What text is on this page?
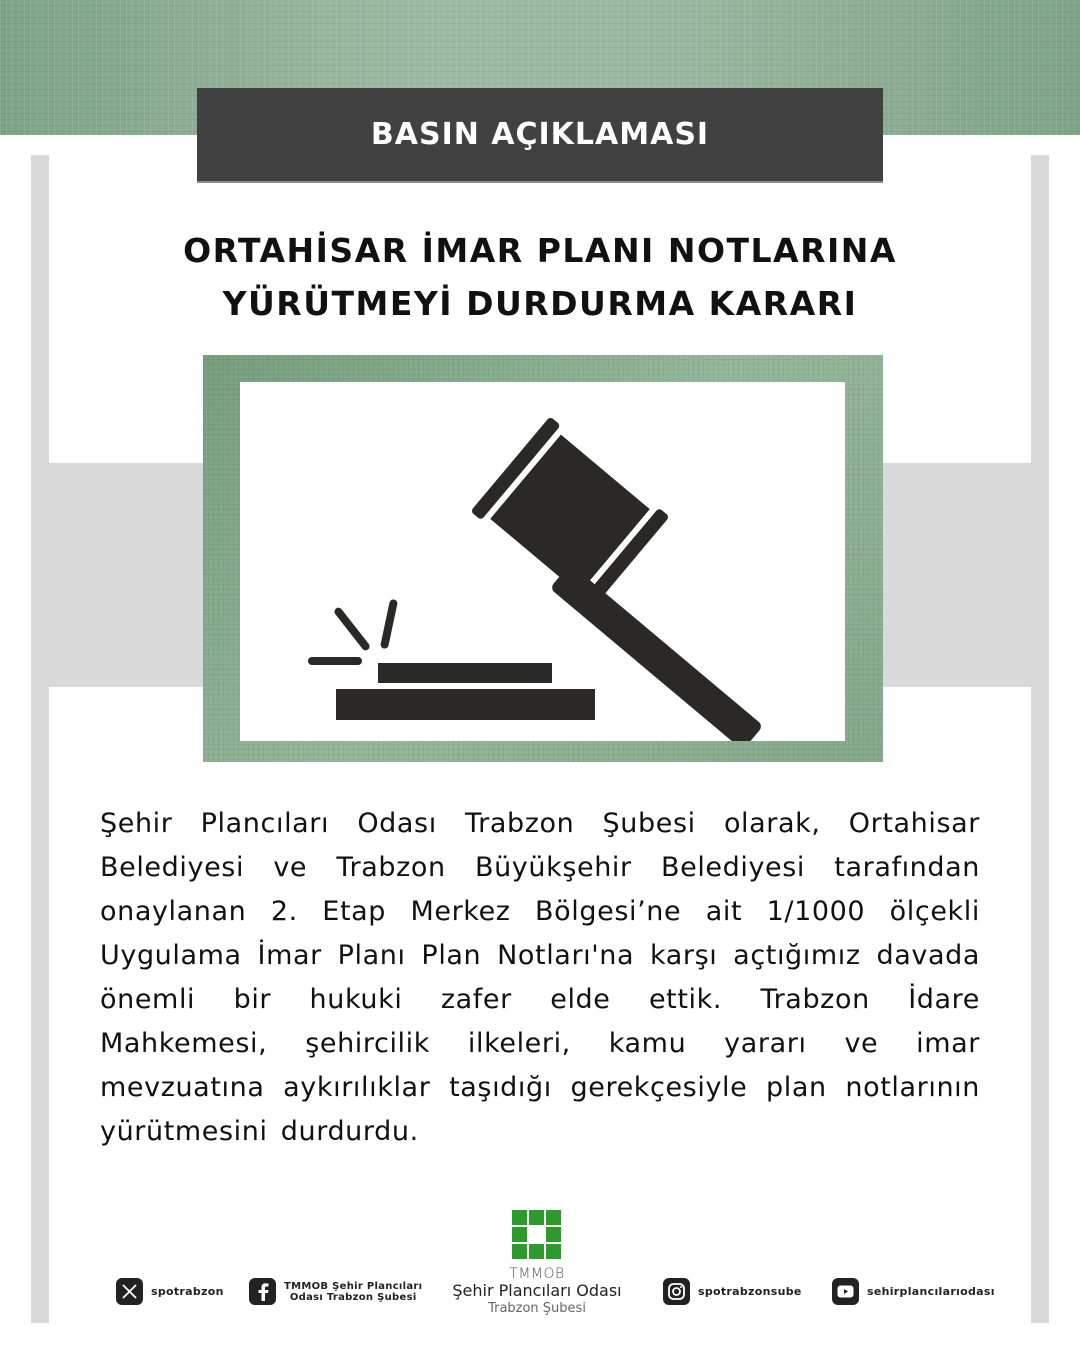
BASIN AÇIKLAMASI
ORTAHİSAR İMAR PLANI NOTLARINA
YÜRÜTMEYİ DURDURMA KARARI

Şehir Plancıları Odası Trabzon Şubesi olarak, Ortahisar Belediyesi ve Trabzon Büyükşehir Belediyesi tarafından onaylanan 2. Etap Merkez Bölgesi’ne ait 1/1000 ölçekli Uygulama İmar Planı Plan Notları'na karşı açtığımız davada önemli bir hukuki zafer elde ettik. Trabzon İdare Mahkemesi, şehircilik ilkeleri, kamu yararı ve imar mevzuatına aykırılıklar taşıdığı gerekçesiyle plan notlarının yürütmesini durdurdu.

spotrabzon	TMMOB Şehir Plancıları
Odası Trabzon Şubesi
TMMOB
Şehir Plancıları Odası
Trabzon Şubesi
spotrabzonsube	sehirplancılarıodası
